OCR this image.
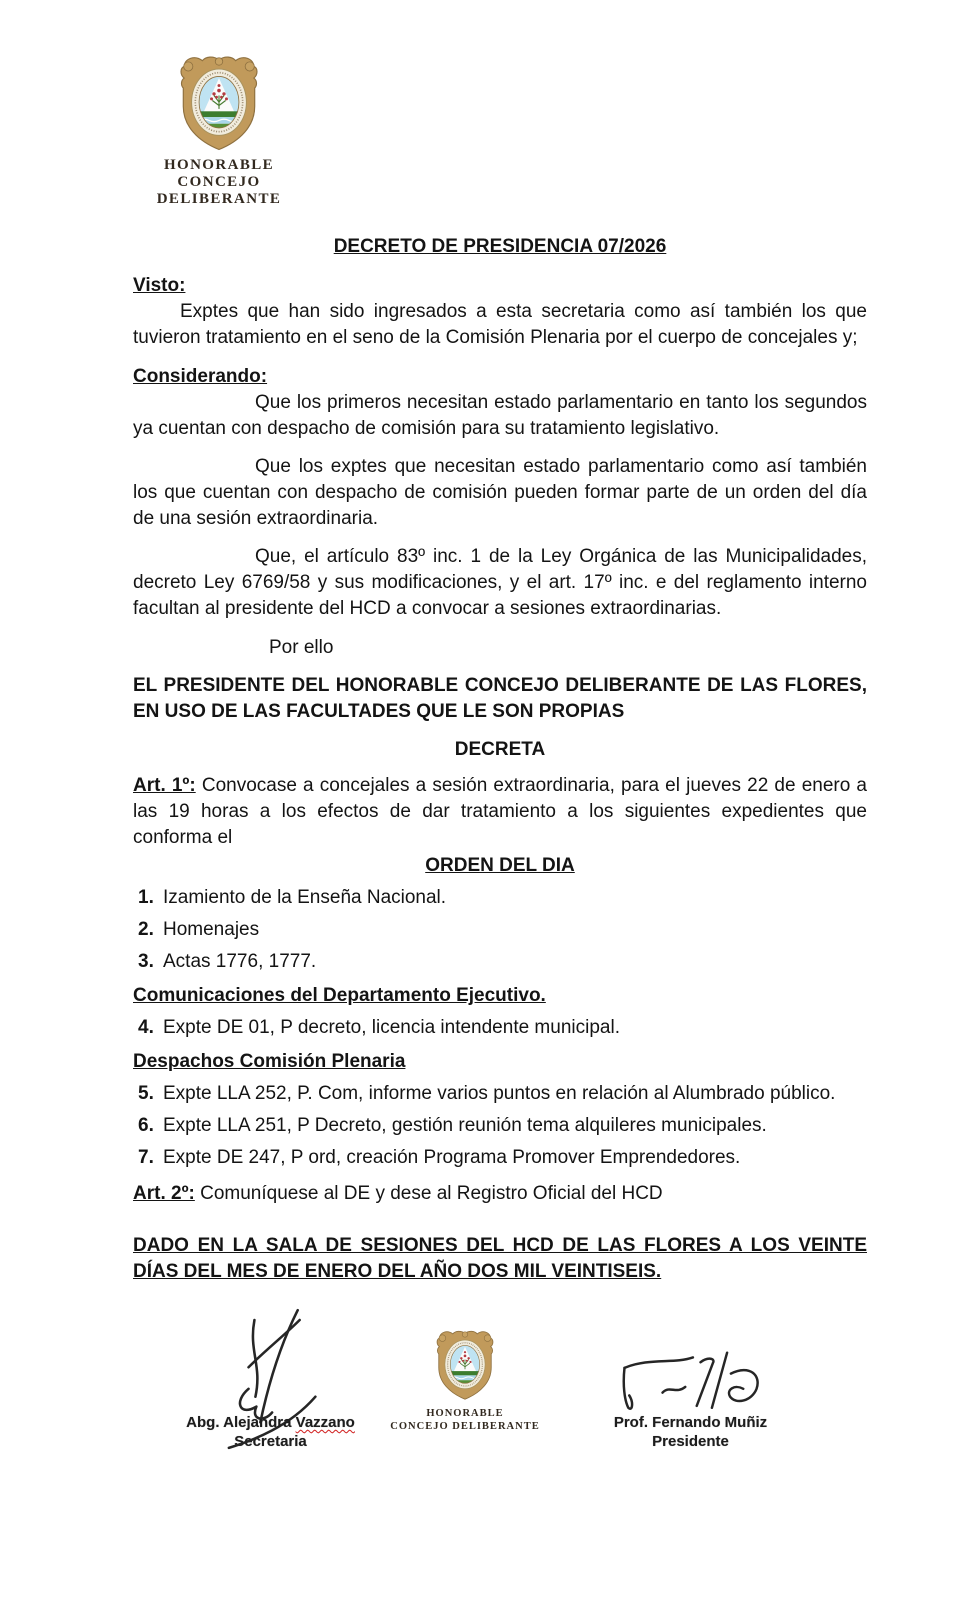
HONORABLE
CONCEJO DELIBERANTE
DECRETO DE PRESIDENCIA 07/2026
Visto:

Exptes que han sido ingresados a esta secretaria como así también los que tuvieron tratamiento en el seno de la Comisión Plenaria por el cuerpo de concejales y;

Considerando:

Que los primeros necesitan estado parlamentario en tanto los segundos ya cuentan con despacho de comisión para su tratamiento legislativo.

Que los exptes que necesitan estado parlamentario como así también los que cuentan con despacho de comisión pueden formar parte de un orden del día de una sesión extraordinaria.

Que, el artículo 83º inc. 1 de la Ley Orgánica de las Municipalidades, decreto Ley 6769/58 y sus modificaciones, y el art. 17º inc. e del reglamento interno facultan al presidente del HCD a convocar a sesiones extraordinarias.

Por ello

EL PRESIDENTE DEL HONORABLE CONCEJO DELIBERANTE DE LAS FLORES, EN USO DE LAS FACULTADES QUE LE SON PROPIAS

DECRETA

Art. 1º: Convocase a concejales a sesión extraordinaria, para el jueves 22 de enero a las 19 horas a los efectos de dar tratamiento a los siguientes expedientes que conforma el

ORDEN DEL DIA

1. Izamiento de la Enseña Nacional.
2. Homenajes
3. Actas 1776, 1777.
Comunicaciones del Departamento Ejecutivo.
4. Expte DE 01, P decreto, licencia intendente municipal.
Despachos Comisión Plenaria
5. Expte LLA 252, P. Com, informe varios puntos en relación al Alumbrado público.
6. Expte LLA 251, P Decreto, gestión reunión tema alquileres municipales.
7. Expte DE 247, P ord, creación Programa Promover Emprendedores.

Art. 2º: Comuníquese al DE y dese al Registro Oficial del HCD

DADO EN LA SALA DE SESIONES DEL HCD DE LAS FLORES A LOS VEINTE DÍAS DEL MES DE ENERO DEL AÑO DOS MIL VEINTISEIS.

Abg. Alejandra Vazzano
Secretaria
HONORABLE
CONCEJO DELIBERANTE	Prof. Fernando Muñiz
Presidente
